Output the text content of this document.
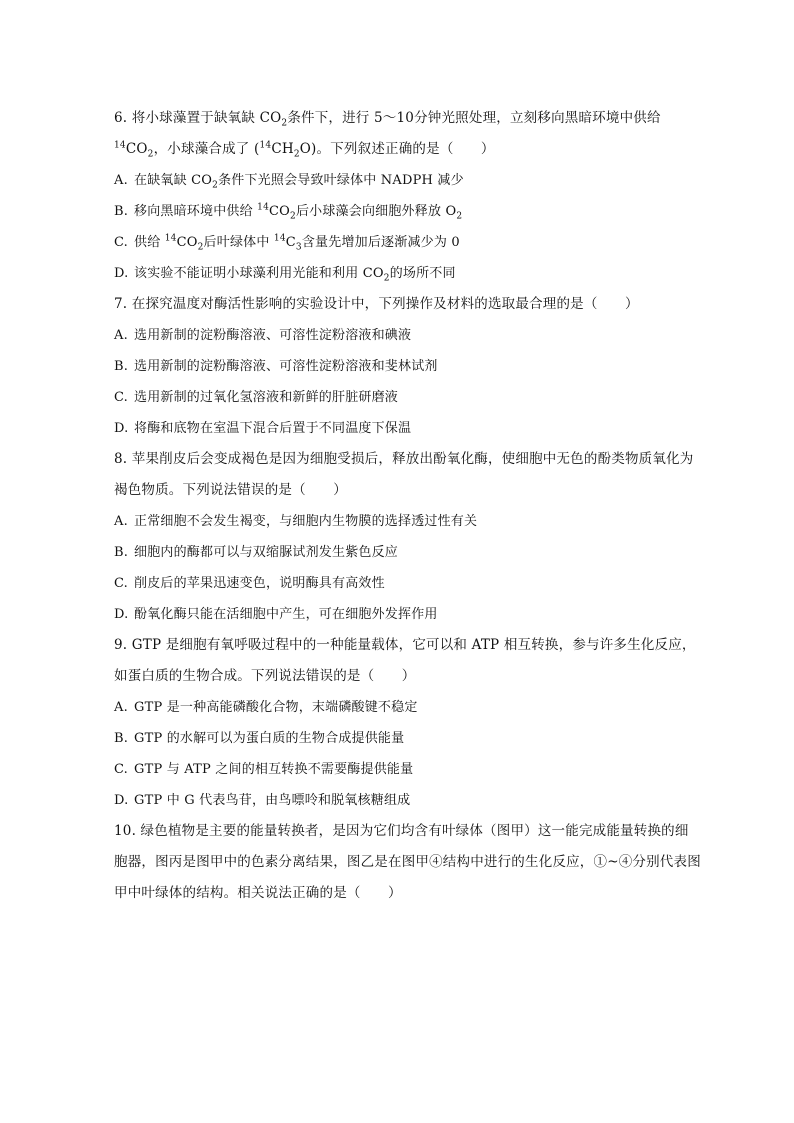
6. 将小球藻置于缺氧缺 $CO_2$条件下，进行 5～10分钟光照处理，立刻移向黑暗环境中供给 $^{14}CO_2$，小球藻合成了 $(^{14}CH_2O)$。下列叙述正确的是（　　）

A. 在缺氧缺 $CO_2$条件下光照会导致叶绿体中 NADPH 减少

B. 移向黑暗环境中供给 $^{14}CO_2$后小球藻会向细胞外释放 $O_2$

C. 供给 $^{14}CO_2$后叶绿体中 $^{14}C_3$含量先增加后逐渐减少为 0

D. 该实验不能证明小球藻利用光能和利用 $CO_2$的场所不同

7. 在探究温度对酶活性影响的实验设计中，下列操作及材料的选取最合理的是（　　）

A. 选用新制的淀粉酶溶液、可溶性淀粉溶液和碘液

B. 选用新制的淀粉酶溶液、可溶性淀粉溶液和斐林试剂

C. 选用新制的过氧化氢溶液和新鲜的肝脏研磨液

D. 将酶和底物在室温下混合后置于不同温度下保温

8. 苹果削皮后会变成褐色是因为细胞受损后，释放出酚氧化酶，使细胞中无色的酚类物质氧化为褐色物质。下列说法错误的是（　　）

A. 正常细胞不会发生褐变，与细胞内生物膜的选择透过性有关

B. 细胞内的酶都可以与双缩脲试剂发生紫色反应

C. 削皮后的苹果迅速变色，说明酶具有高效性

D. 酚氧化酶只能在活细胞中产生，可在细胞外发挥作用

9. GTP 是细胞有氧呼吸过程中的一种能量载体，它可以和 ATP 相互转换，参与许多生化反应，如蛋白质的生物合成。下列说法错误的是（　　）

A. GTP 是一种高能磷酸化合物，末端磷酸键不稳定

B. GTP 的水解可以为蛋白质的生物合成提供能量

C. GTP 与 ATP 之间的相互转换不需要酶提供能量

D. GTP 中 G 代表鸟苷，由鸟嘌呤和脱氧核糖组成

10. 绿色植物是主要的能量转换者，是因为它们均含有叶绿体（图甲）这一能完成能量转换的细胞器，图丙是图甲中的色素分离结果，图乙是在图甲④结构中进行的生化反应，①~④分别代表图甲中叶绿体的结构。相关说法正确的是（　　）
